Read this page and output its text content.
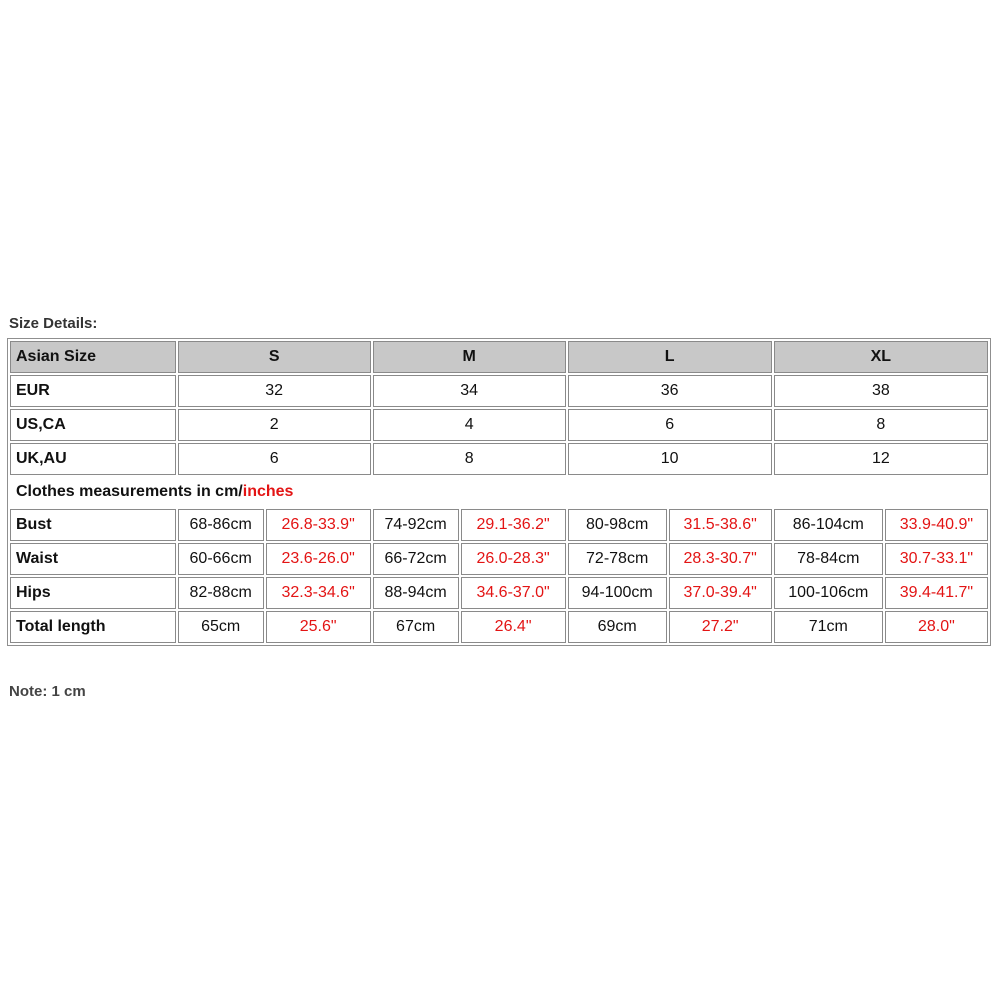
Size Details:
Asian Size	S		M		L		XL	
EUR	32		34		36		38	
US,CA	2		4		6		8	
UK,AU	6		8		10		12	
Clothes measurements in cm/inches								
Bust	68-86cm	26.8-33.9"	74-92cm	29.1-36.2"	80-98cm	31.5-38.6"	86-104cm	33.9-40.9"
Waist	60-66cm	23.6-26.0"	66-72cm	26.0-28.3"	72-78cm	28.3-30.7"	78-84cm	30.7-33.1"
Hips	82-88cm	32.3-34.6"	88-94cm	34.6-37.0"	94-100cm	37.0-39.4"	100-106cm	39.4-41.7"
Total length	65cm	25.6"	67cm	26.4"	69cm	27.2"	71cm	28.0"
Note: 1 cm
